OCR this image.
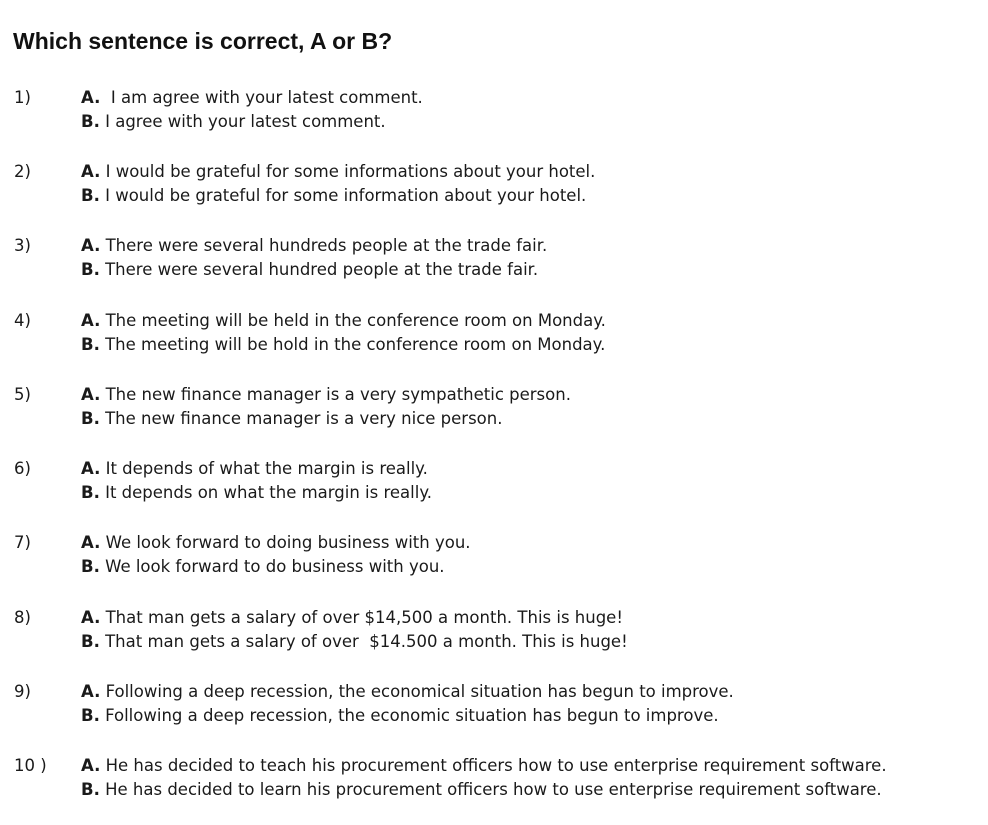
Which sentence is correct, A or B?
1)	A.  I am agree with your latest comment.
B. I agree with your latest comment.
2)	A. I would be grateful for some informations about your hotel.
B. I would be grateful for some information about your hotel.
3)	A. There were several hundreds people at the trade fair.
B. There were several hundred people at the trade fair.
4)	A. The meeting will be held in the conference room on Monday.
B. The meeting will be hold in the conference room on Monday.
5)	A. The new finance manager is a very sympathetic person.
B. The new finance manager is a very nice person.
6)	A. It depends of what the margin is really.
B. It depends on what the margin is really.
7)	A. We look forward to doing business with you.
B. We look forward to do business with you.
8)	A. That man gets a salary of over $14,500 a month. This is huge!
B. That man gets a salary of over  $14.500 a month. This is huge!
9)	A. Following a deep recession, the economical situation has begun to improve.
B. Following a deep recession, the economic situation has begun to improve.
10 ) A. He has decided to teach his procurement officers how to use enterprise requirement software.
B. He has decided to learn his procurement officers how to use enterprise requirement software.
